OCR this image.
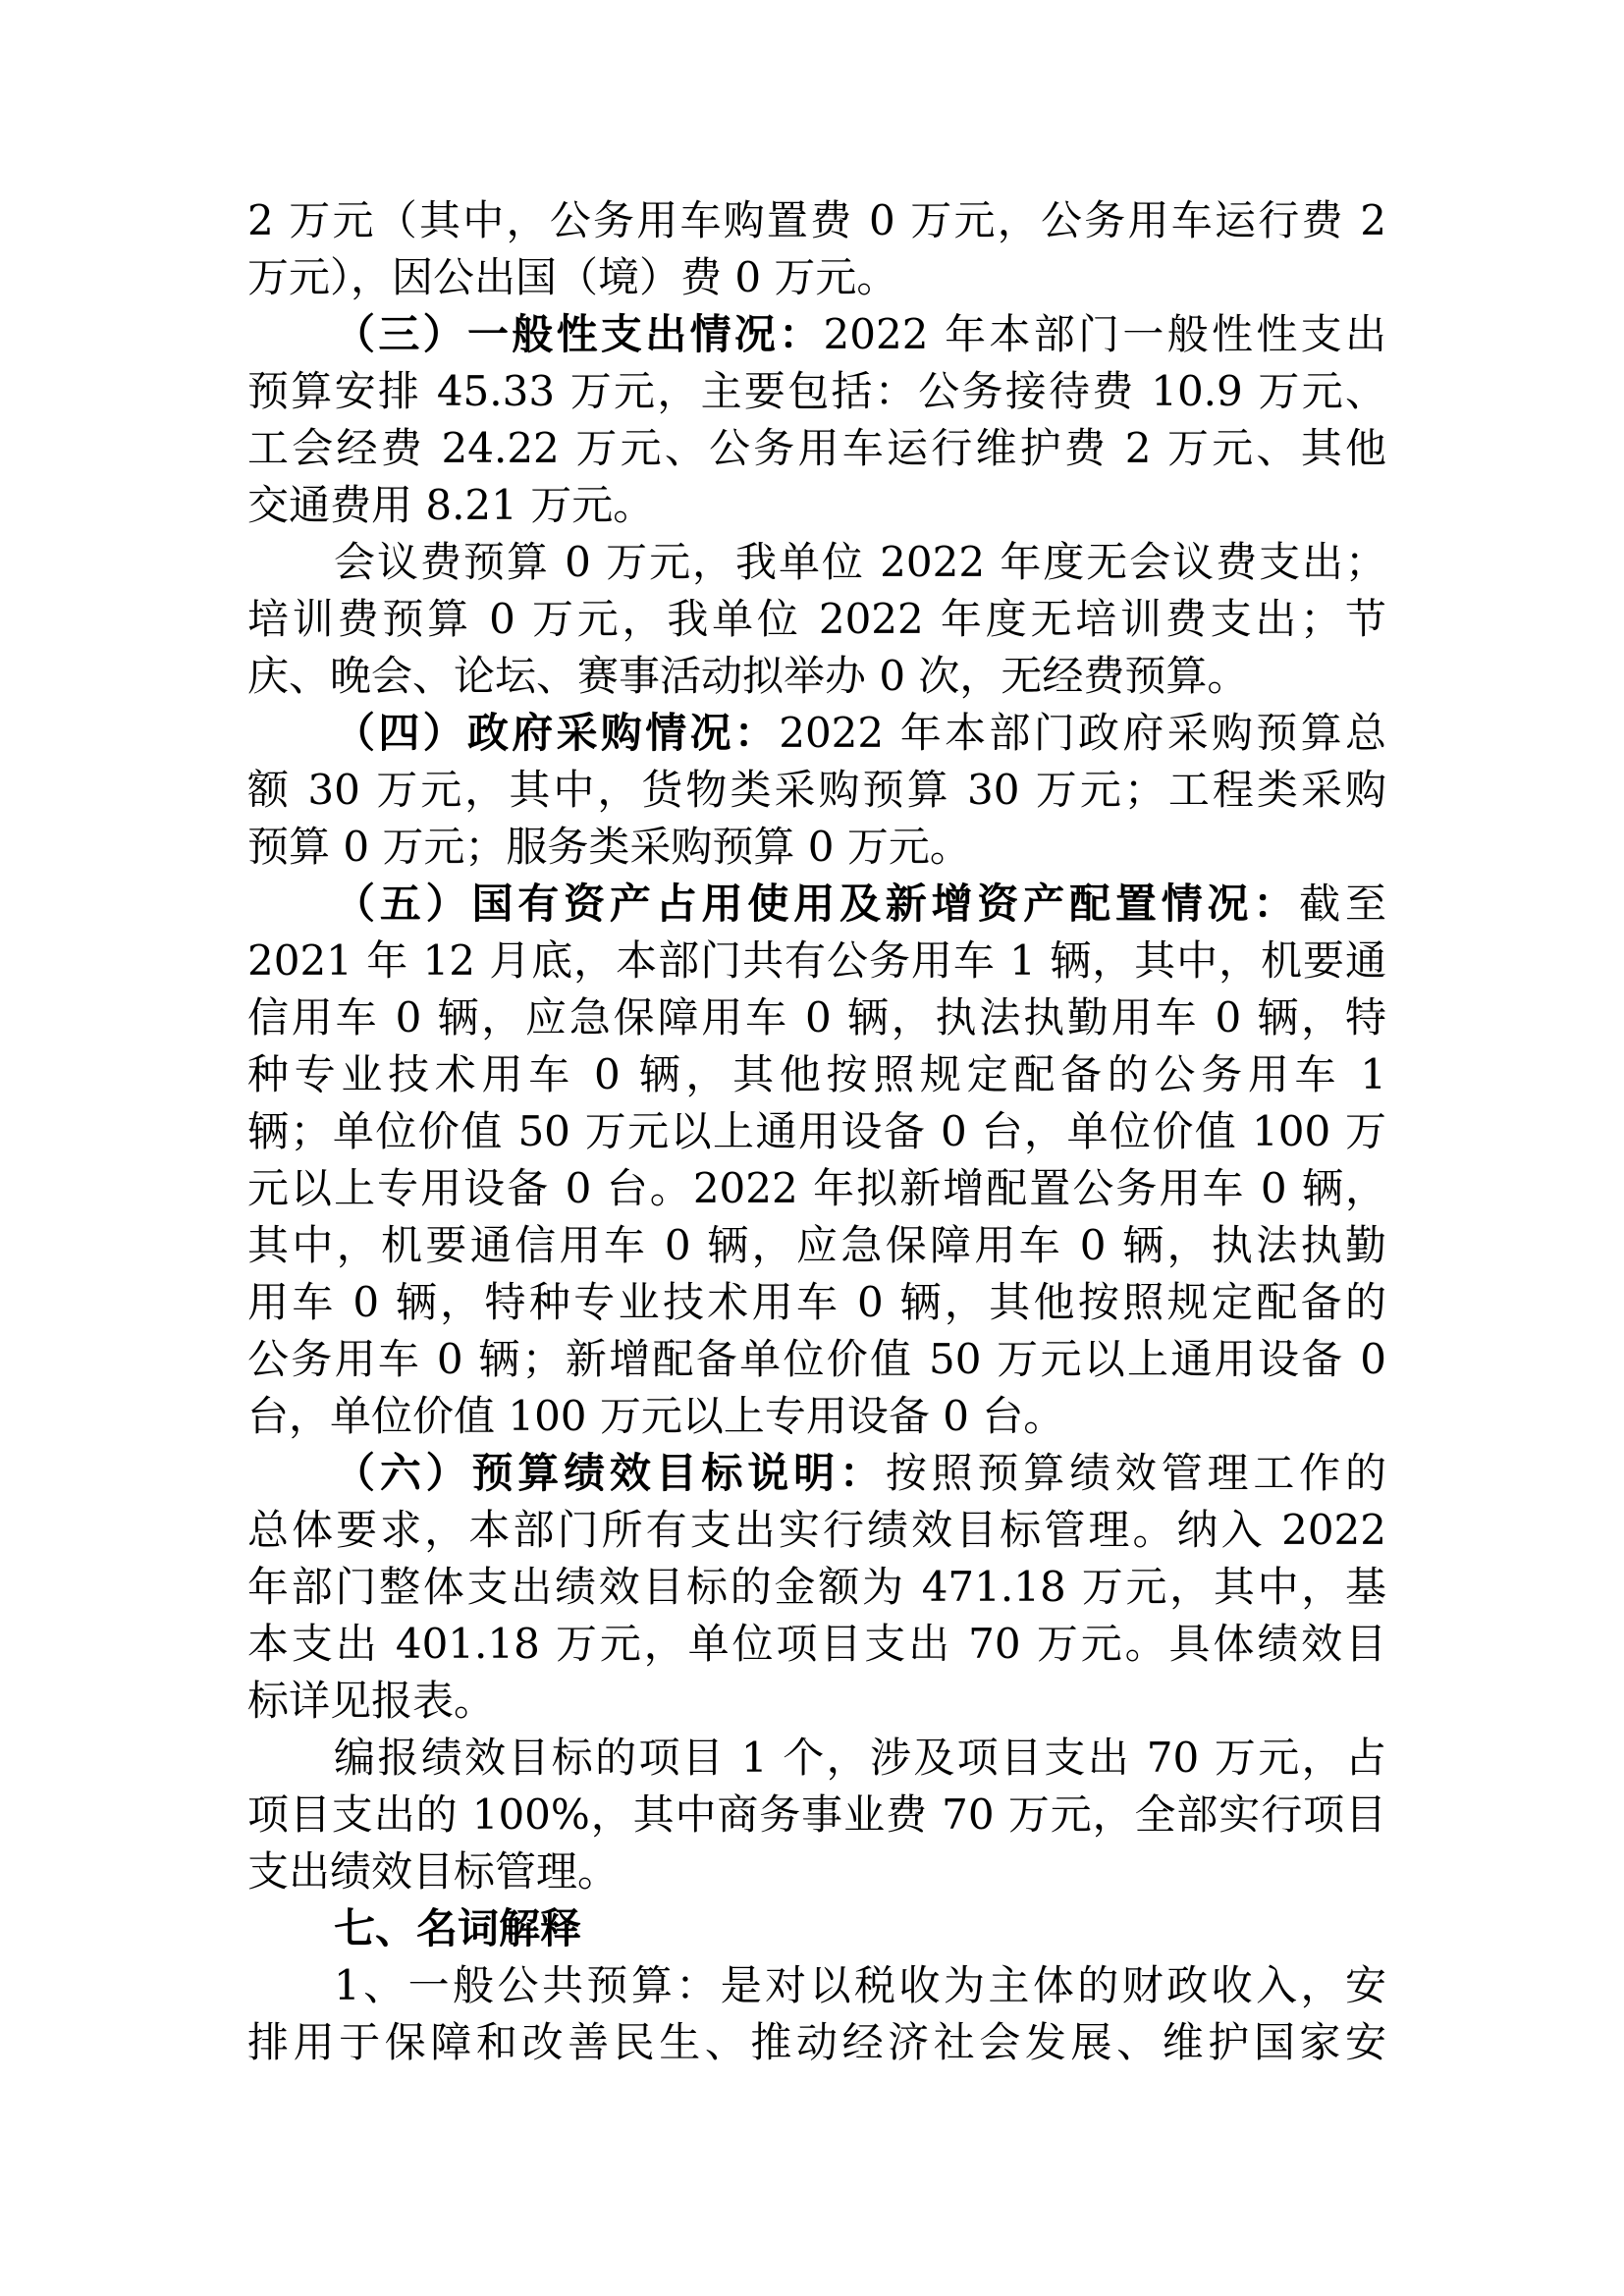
2 万元（其中，公务用车购置费 0 万元，公务用车运行费 2
万元），因公出国（境）费 0 万元。
（三）一般性支出情况：2022 年本部门一般性性支出
预算安排 45.33 万元，主要包括：公务接待费 10.9 万元、
工会经费 24.22 万元、公务用车运行维护费 2 万元、其他
交通费用 8.21 万元。
会议费预算 0 万元，我单位 2022 年度无会议费支出；
培训费预算 0 万元，我单位 2022 年度无培训费支出；节
庆、晚会、论坛、赛事活动拟举办 0 次，无经费预算。
（四）政府采购情况：2022 年本部门政府采购预算总
额 30 万元，其中，货物类采购预算 30 万元；工程类采购
预算 0 万元；服务类采购预算 0 万元。
（五）国有资产占用使用及新增资产配置情况：截至
2021 年 12 月底，本部门共有公务用车 1 辆，其中，机要通
信用车 0 辆，应急保障用车 0 辆，执法执勤用车 0 辆，特
种专业技术用车 0 辆，其他按照规定配备的公务用车 1
辆；单位价值 50 万元以上通用设备 0 台，单位价值 100 万
元以上专用设备 0 台。2022 年拟新增配置公务用车 0 辆，
其中，机要通信用车 0 辆，应急保障用车 0 辆，执法执勤
用车 0 辆，特种专业技术用车 0 辆，其他按照规定配备的
公务用车 0 辆；新增配备单位价值 50 万元以上通用设备 0
台，单位价值 100 万元以上专用设备 0 台。
（六）预算绩效目标说明：按照预算绩效管理工作的
总体要求，本部门所有支出实行绩效目标管理。纳入 2022
年部门整体支出绩效目标的金额为 471.18 万元，其中，基
本支出 401.18 万元，单位项目支出 70 万元。具体绩效目
标详见报表。
编报绩效目标的项目 1 个，涉及项目支出 70 万元，占
项目支出的 100%，其中商务事业费 70 万元，全部实行项目
支出绩效目标管理。
七、名词解释
1、一般公共预算：是对以税收为主体的财政收入，安
排用于保障和改善民生、推动经济社会发展、维护国家安
